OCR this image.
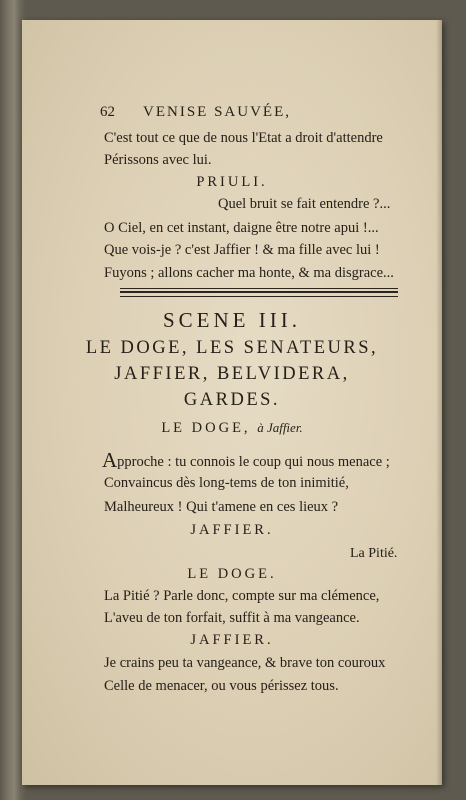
62 VENISE SAUVÉE,
C'est tout ce que de nous l'Etat a droit d'attendre
Périssons avec lui.
PRIULI.
Quel bruit se fait entendre ?...
O Ciel, en cet instant, daigne être notre apui !...
Que vois-je ? c'est Jaffier ! & ma fille avec lui !
Fuyons ; allons cacher ma honte, & ma disgrace...
SCENE III.
LE DOGE, LES SENATEURS,
JAFFIER, BELVIDERA,
GARDES.
LE DOGE, à Jaffier.
Approche : tu connois le coup qui nous menace ;
Convaincus dès long-tems de ton inimitié,
Malheureux ! Qui t'amene en ces lieux ?
JAFFIER.
La Pitié.
LE DOGE.
La Pitié ? Parle donc, compte sur ma clémence,
L'aveu de ton forfait, suffit à ma vangeance.
JAFFIER.
Je crains peu ta vangeance, & brave ton couroux
Celle de menacer, ou vous périssez tous.
